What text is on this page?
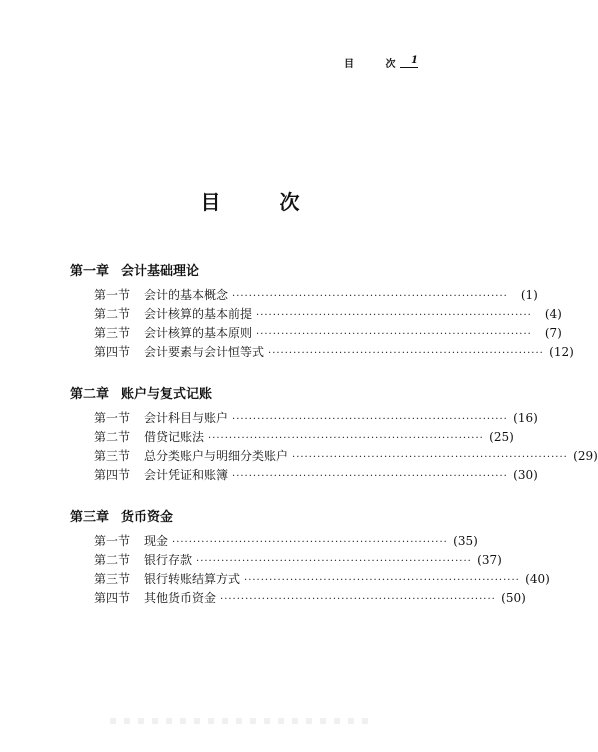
目 次 1
目 次
第一章 会计基础理论
第一节	会计的基本概念 ··································································	(1)
第二节	会计核算的基本前提 ··································································	(4)
第三节	会计核算的基本原则 ··································································	(7)
第四节	会计要素与会计恒等式 ·································································· (12)
第二章 账户与复式记账
第一节	会计科目与账户 ·································································· (16)
第二节	借贷记账法 ·································································· (25)
第三节	总分类账户与明细分类账户 ·································································· (29)
第四节	会计凭证和账簿 ·································································· (30)
第三章 货币资金
第一节	现金 ·································································· (35)
第二节	银行存款 ·································································· (37)
第三节	银行转账结算方式 ·································································· (40)
第四节	其他货币资金 ·································································· (50)
